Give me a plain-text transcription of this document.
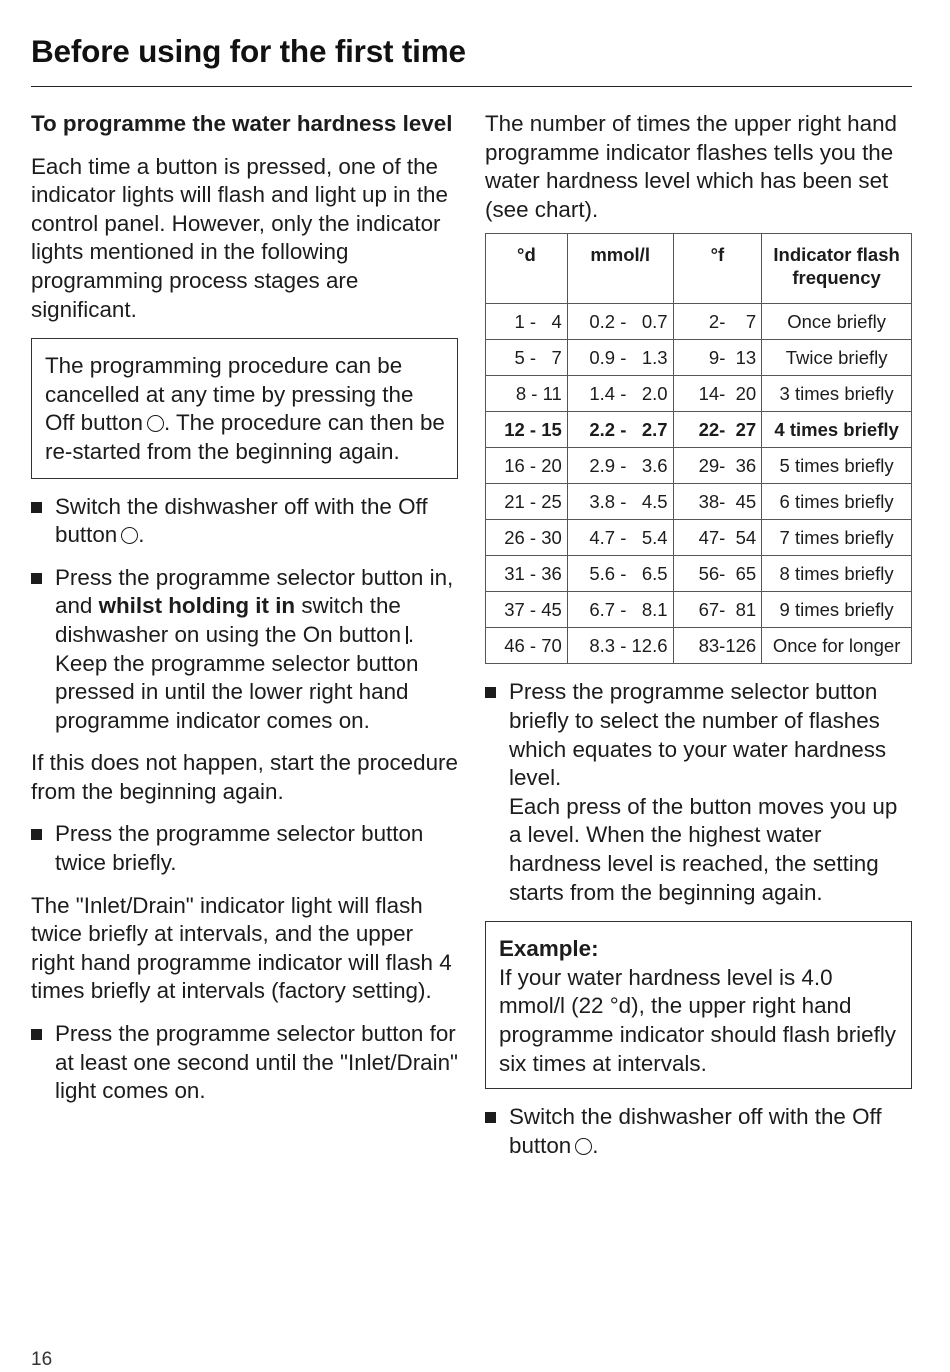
Before using for the first time
To programme the water hardness level

Each time a button is pressed, one of the indicator lights will flash and light up in the control panel. However, only the indicator lights mentioned in the following programming process stages are significant.

The programming procedure can be cancelled at any time by pressing the Off button . The procedure can then be re-started from the beginning again.
Switch the dishwasher off with the Off button .
Press the programme selector button in, and whilst holding it in switch the dishwasher on using the On button .
Keep the programme selector button pressed in until the lower right hand programme indicator comes on.

If this does not happen, start the procedure from the beginning again.

Press the programme selector button twice briefly.

The "Inlet/Drain" indicator light will flash twice briefly at intervals, and the upper right hand programme indicator will flash 4 times briefly at intervals (factory setting).

Press the programme selector button for at least one second until the "Inlet/Drain" light comes on.

The number of times the upper right hand programme indicator flashes tells you the water hardness level which has been set (see chart).

°d	mmol/l	°f	Indicator flash frequency
1 -   4	0.2 -   0.7	2-    7	Once briefly
5 -   7	0.9 -   1.3	9-  13	Twice briefly
8 - 11	1.4 -   2.0	14-  20	3 times briefly
12 - 15	2.2 -   2.7	22-  27	4 times briefly
16 - 20	2.9 -   3.6	29-  36	5 times briefly
21 - 25	3.8 -   4.5	38-  45	6 times briefly
26 - 30	4.7 -   5.4	47-  54	7 times briefly
31 - 36	5.6 -   6.5	56-  65	8 times briefly
37 - 45	6.7 -   8.1	67-  81	9 times briefly
46 - 70	8.3 - 12.6	83-126	Once for longer
Press the programme selector button briefly to select the number of flashes which equates to your water hardness level.
Each press of the button moves you up a level. When the highest water hardness level is reached, the setting starts from the beginning again.
Example:
If your water hardness level is 4.0 mmol/l (22 °d), the upper right hand programme indicator should flash briefly six times at intervals.
Switch the dishwasher off with the Off button .
16
